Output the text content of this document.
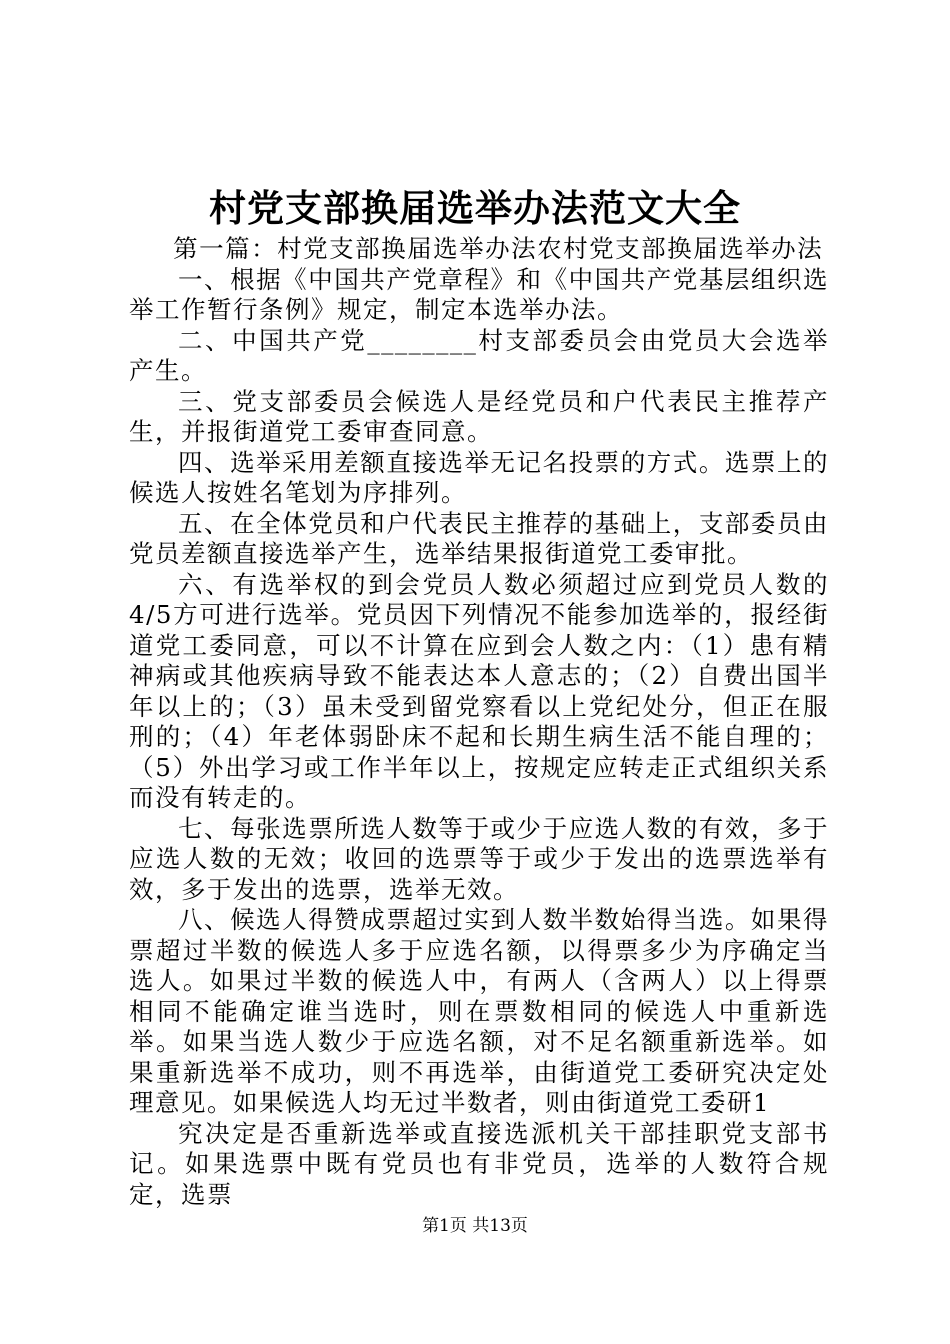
村党支部换届选举办法范文大全

第一篇：村党支部换届选举办法农村党支部换届选举办法

一、根据《中国共产党章程》和《中国共产党基层组织选举工作暂行条例》规定，制定本选举办法。

二、中国共产党________村支部委员会由党员大会选举产生。

三、党支部委员会候选人是经党员和户代表民主推荐产生，并报街道党工委审查同意。

四、选举采用差额直接选举无记名投票的方式。选票上的候选人按姓名笔划为序排列。

五、在全体党员和户代表民主推荐的基础上，支部委员由党员差额直接选举产生，选举结果报街道党工委审批。

六、有选举权的到会党员人数必须超过应到党员人数的4/5方可进行选举。党员因下列情况不能参加选举的，报经街道党工委同意，可以不计算在应到会人数之内：（1）患有精神病或其他疾病导致不能表达本人意志的；（2）自费出国半年以上的；（3）虽未受到留党察看以上党纪处分，但正在服刑的；（4）年老体弱卧床不起和长期生病生活不能自理的；（5）外出学习或工作半年以上，按规定应转走正式组织关系而没有转走的。

七、每张选票所选人数等于或少于应选人数的有效，多于应选人数的无效；收回的选票等于或少于发出的选票选举有效，多于发出的选票，选举无效。

八、候选人得赞成票超过实到人数半数始得当选。如果得票超过半数的候选人多于应选名额，以得票多少为序确定当选人。如果过半数的候选人中，有两人（含两人）以上得票相同不能确定谁当选时，则在票数相同的候选人中重新选举。如果当选人数少于应选名额，对不足名额重新选举。如果重新选举不成功，则不再选举，由街道党工委研究决定处理意见。如果候选人均无过半数者，则由街道党工委研1

究决定是否重新选举或直接选派机关干部挂职党支部书记。如果选票中既有党员也有非党员，选举的人数符合规定，选票

第1页 共13页
